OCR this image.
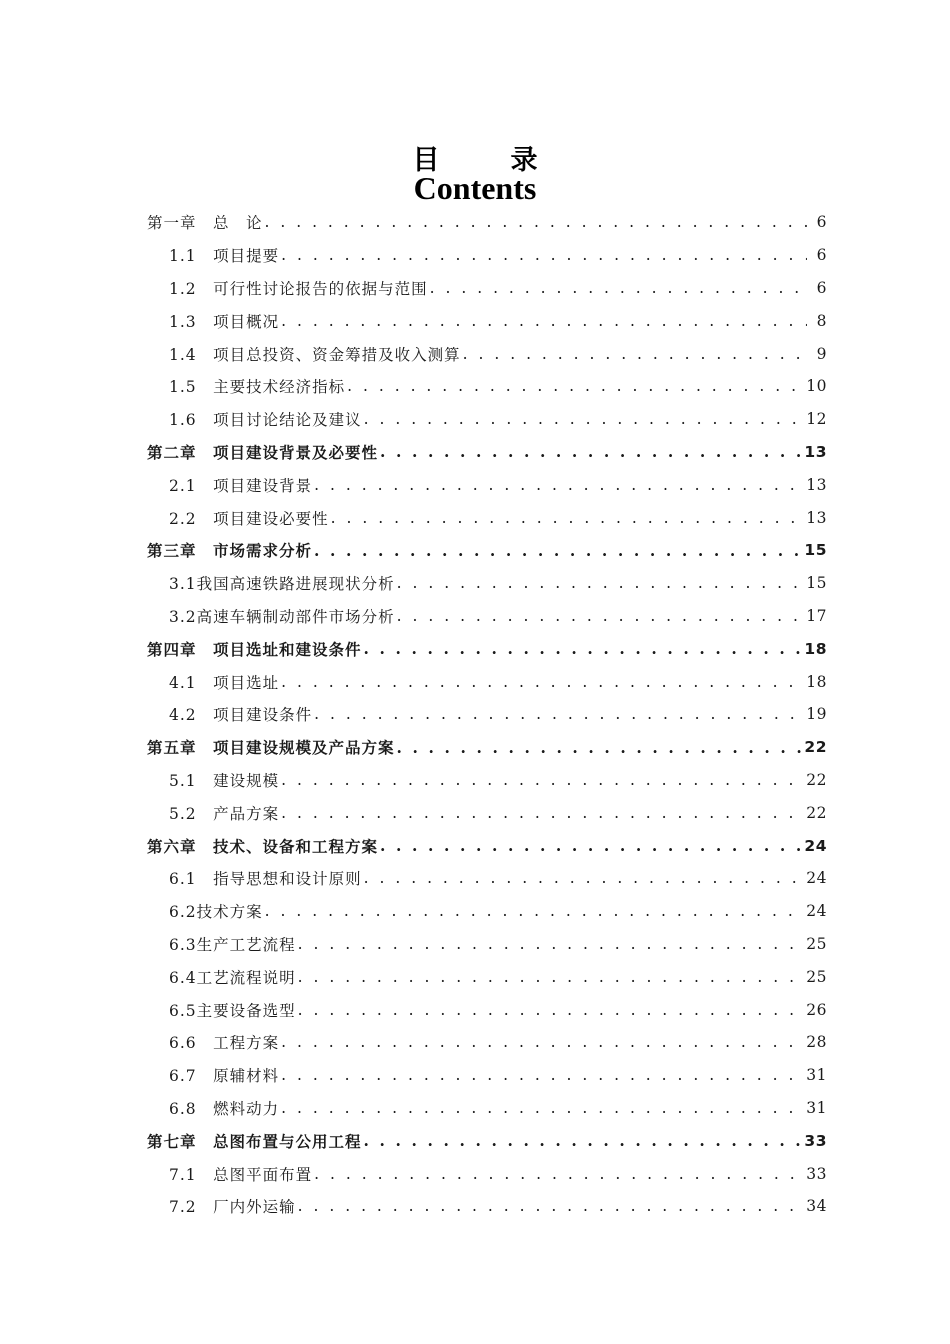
目　录
Contents
第一章　总　论 . . .	6
1.1　项目提要 . . .	6
1.2　可行性讨论报告的依据与范围 . . .	6
1.3　项目概况 . . .	8
1.4　项目总投资、资金筹措及收入测算 . . .	9
1.5　主要技术经济指标 . . .	10
1.6　项目讨论结论及建议 . . .	12
第二章　项目建设背景及必要性 . . .	13
2.1　项目建设背景 . . .	13
2.2　项目建设必要性 . . .	13
第三章　市场需求分析 . . .	15
3.1我国高速铁路进展现状分析 . . .	15
3.2高速车辆制动部件市场分析 . . .	17
第四章　项目选址和建设条件 . . .	18
4.1　项目选址 . . .	18
4.2　项目建设条件 . . .	19
第五章　项目建设规模及产品方案 . . .	22
5.1　建设规模 . . .	22
5.2　产品方案 . . .	22
第六章　技术、设备和工程方案 . . .	24
6.1　指导思想和设计原则 . . .	24
6.2技术方案 . . .	24
6.3生产工艺流程 . . .	25
6.4工艺流程说明 . . .	25
6.5主要设备选型 . . .	26
6.6　工程方案 . . .	28
6.7　原辅材料 . . .	31
6.8　燃料动力 . . .	31
第七章　总图布置与公用工程 . . .	33
7.1　总图平面布置 . . .	33
7.2　厂内外运输 . . .	34
